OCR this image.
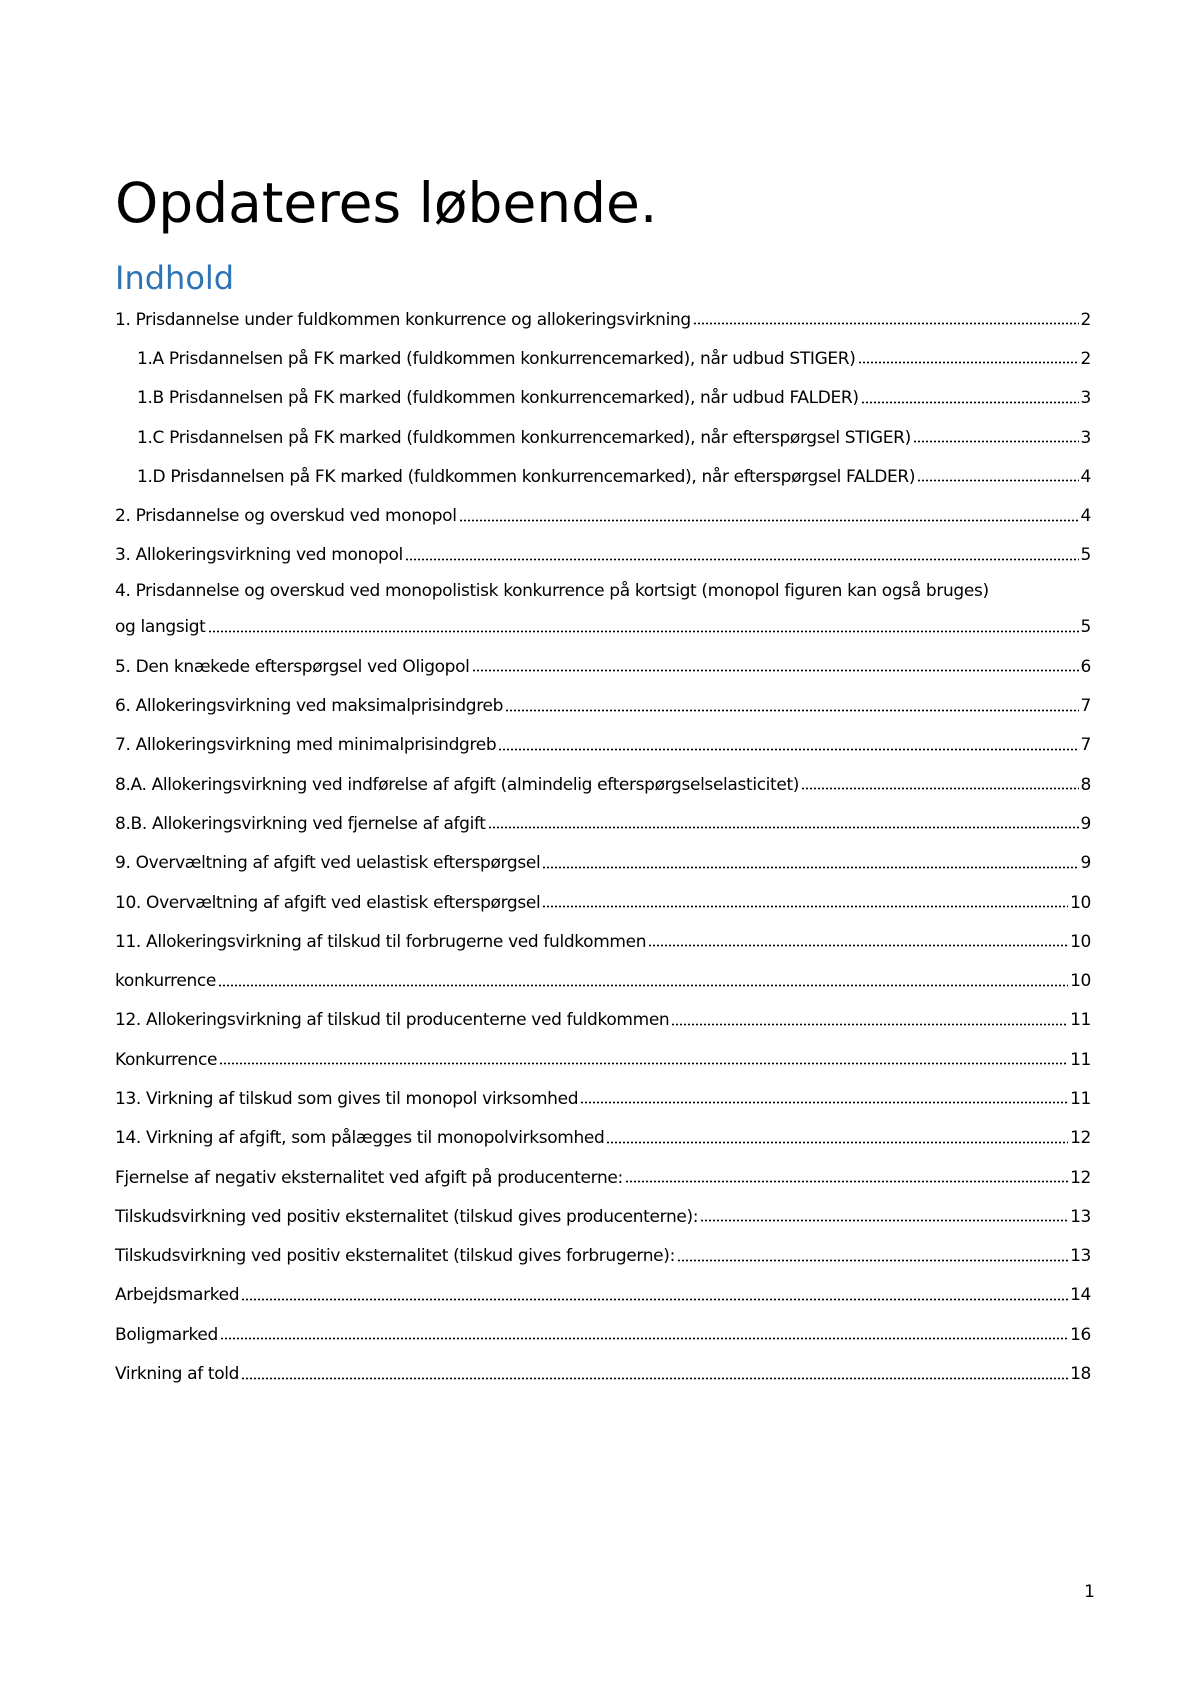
Opdateres løbende.
Indhold
1. Prisdannelse under fuldkommen konkurrence og allokeringsvirkning	2
1.A Prisdannelsen på FK marked (fuldkommen konkurrencemarked), når udbud STIGER)	2
1.B Prisdannelsen på FK marked (fuldkommen konkurrencemarked), når udbud FALDER)	3
1.C Prisdannelsen på FK marked (fuldkommen konkurrencemarked), når efterspørgsel STIGER)	3
1.D Prisdannelsen på FK marked (fuldkommen konkurrencemarked), når efterspørgsel FALDER)	4
2. Prisdannelse og overskud ved monopol	4
3. Allokeringsvirkning ved monopol	5
4. Prisdannelse og overskud ved monopolistisk konkurrence på kortsigt (monopol figuren kan også bruges)
og langsigt	5
5. Den knækede efterspørgsel ved Oligopol	6
6. Allokeringsvirkning ved maksimalprisindgreb	7
7. Allokeringsvirkning med minimalprisindgreb	7
8.A. Allokeringsvirkning ved indførelse af afgift (almindelig efterspørgselselasticitet)	8
8.B. Allokeringsvirkning ved fjernelse af afgift	9
9. Overvæltning af afgift ved uelastisk efterspørgsel	9
10. Overvæltning af afgift ved elastisk efterspørgsel	10
11. Allokeringsvirkning af tilskud til forbrugerne ved fuldkommen	10
konkurrence	10
12. Allokeringsvirkning af tilskud til producenterne ved fuldkommen	11
Konkurrence	11
13. Virkning af tilskud som gives til monopol virksomhed	11
14. Virkning af afgift, som pålægges til monopolvirksomhed	12
Fjernelse af negativ eksternalitet ved afgift på producenterne:	12
Tilskudsvirkning ved positiv eksternalitet (tilskud gives producenterne):	13
Tilskudsvirkning ved positiv eksternalitet (tilskud gives forbrugerne):	13
Arbejdsmarked	14
Boligmarked	16
Virkning af told	18
1
